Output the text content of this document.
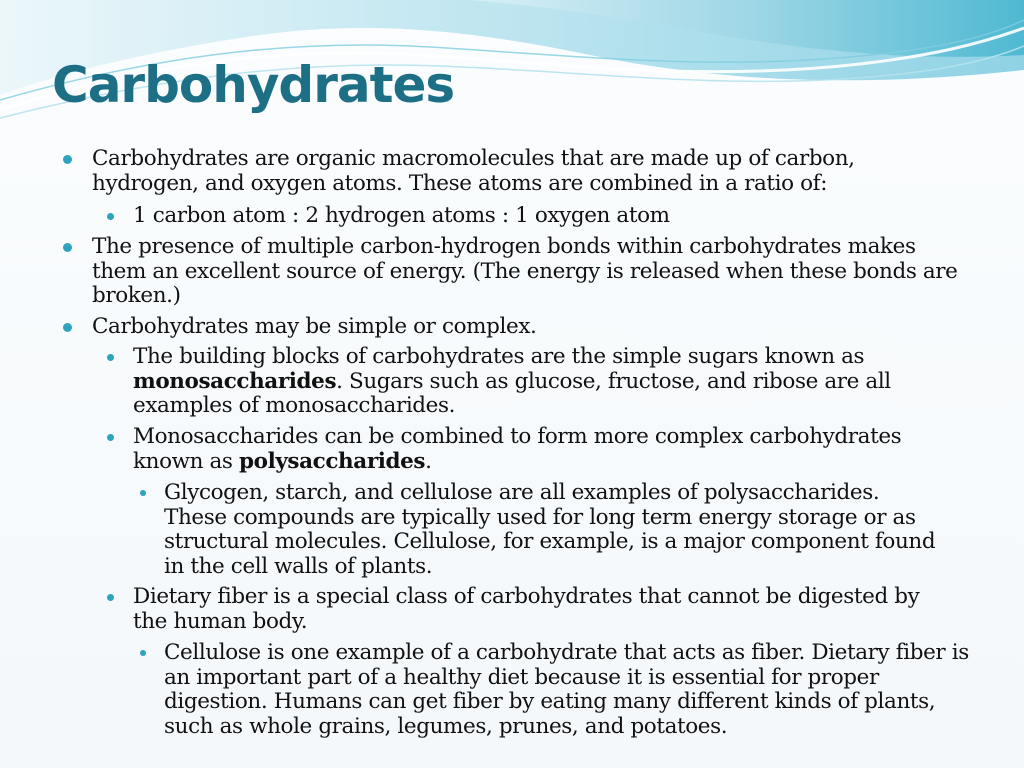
Carbohydrates
Carbohydrates are organic macromolecules that are made up of carbon, hydrogen, and oxygen atoms. These atoms are combined in a ratio of:
1 carbon atom : 2 hydrogen atoms : 1 oxygen atom
The presence of multiple carbon-hydrogen bonds within carbohydrates makes them an excellent source of energy. (The energy is released when these bonds are broken.)
Carbohydrates may be simple or complex.
The building blocks of carbohydrates are the simple sugars known as monosaccharides. Sugars such as glucose, fructose, and ribose are all examples of monosaccharides.
Monosaccharides can be combined to form more complex carbohydrates known as polysaccharides.
Glycogen, starch, and cellulose are all examples of polysaccharides. These compounds are typically used for long term energy storage or as structural molecules. Cellulose, for example, is a major component found in the cell walls of plants.
Dietary fiber is a special class of carbohydrates that cannot be digested by the human body.
Cellulose is one example of a carbohydrate that acts as fiber. Dietary fiber is an important part of a healthy diet because it is essential for proper digestion. Humans can get fiber by eating many different kinds of plants, such as whole grains, legumes, prunes, and potatoes.
